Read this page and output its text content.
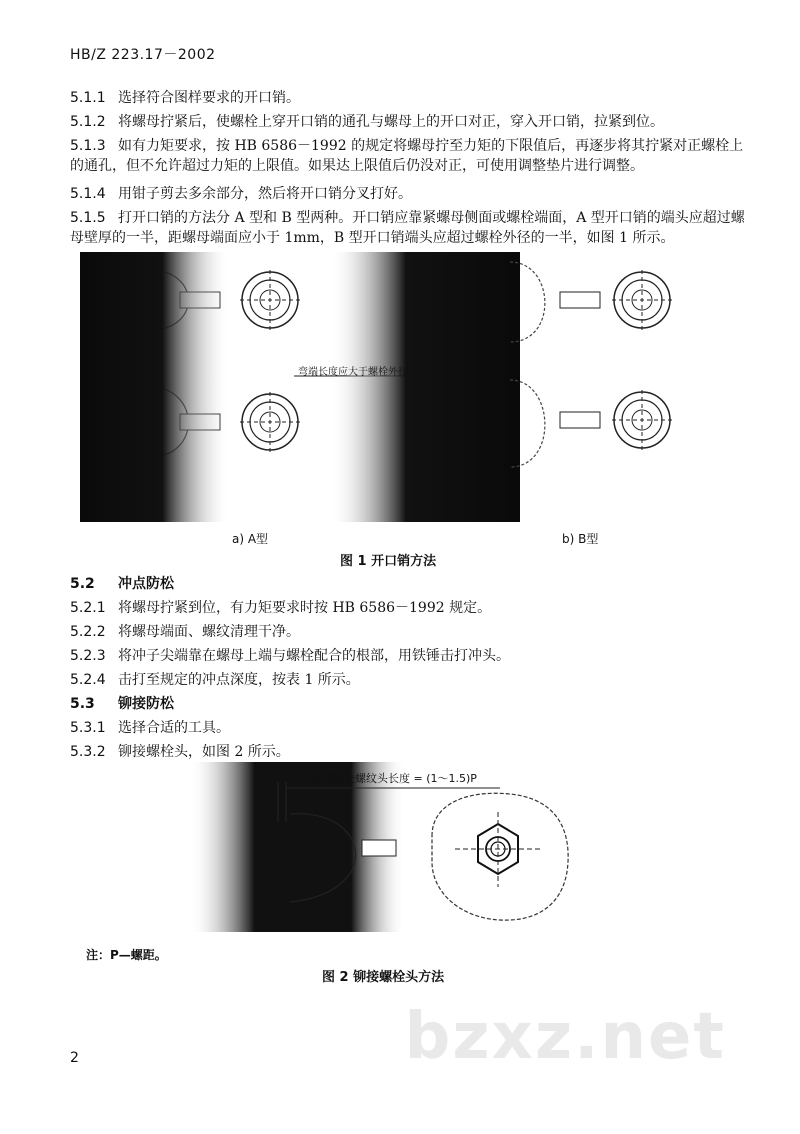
HB/Z 223.17－2002
5.1.1 选择符合图样要求的开口销。
5.1.2 将螺母拧紧后，使螺栓上穿开口销的通孔与螺母上的开口对正，穿入开口销，拉紧到位。
5.1.3 如有力矩要求，按 HB 6586－1992 的规定将螺母拧至力矩的下限值后，再逐步将其拧紧对正螺栓上的通孔，但不允许超过力矩的上限值。如果达上限值后仍没对正，可使用调整垫片进行调整。
5.1.4 用钳子剪去多余部分，然后将开口销分叉打好。
5.1.5 打开口销的方法分 A 型和 B 型两种。开口销应靠紧螺母侧面或螺栓端面，A 型开口销的端头应超过螺母壁厚的一半，距螺母端面应小于 1mm，B 型开口销端头应超过螺栓外径的一半，如图 1 所示。
弯端长度应大于螺栓外径
a) A型	b) B型
图 1 开口销方法
5.2 冲点防松
5.2.1 将螺母拧紧到位，有力矩要求时按 HB 6586－1992 规定。
5.2.2 将螺母端面、螺纹清理干净。
5.2.3 将冲子尖端靠在螺母上端与螺栓配合的根部，用铁锤击打冲头。
5.2.4 击打至规定的冲点深度，按表 1 所示。
5.3 铆接防松
5.3.1 选择合适的工具。
5.3.2 铆接螺栓头，如图 2 所示。
准备铆接处螺纹头长度 = (1～1.5)P
注：P—螺距。
图 2 铆接螺栓头方法
bzxz.net
2
